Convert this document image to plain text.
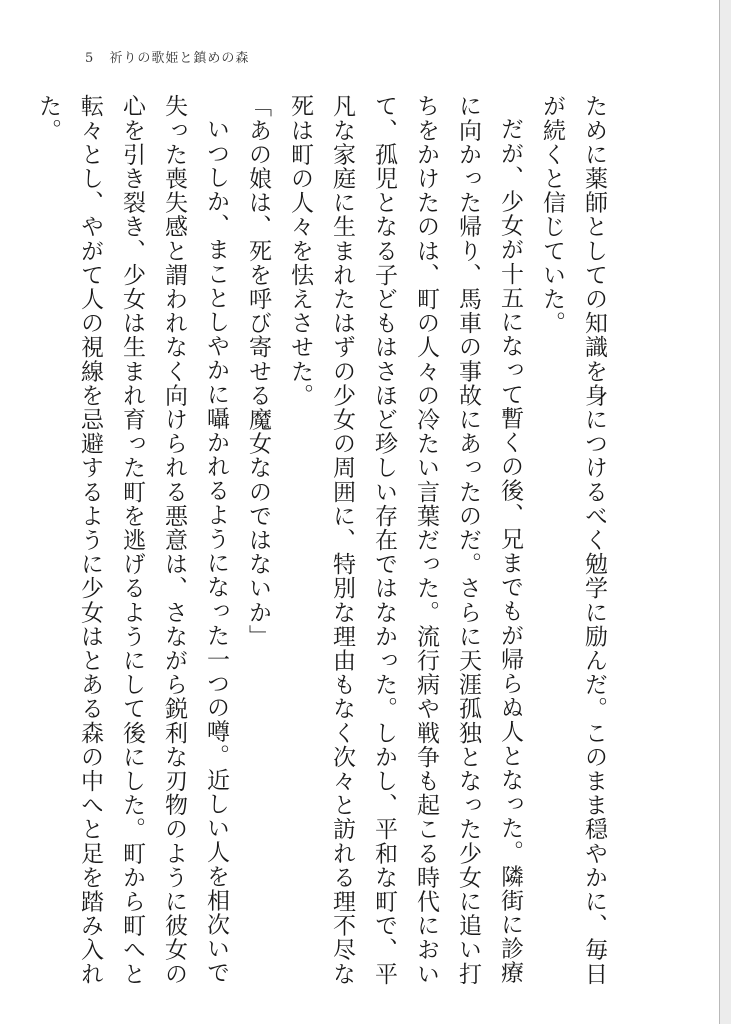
5 祈りの歌姫と鎮めの森

ために薬師としての知識を身につけるべく勉学に励んだ。このまま穏やかに、毎日が続くと信じていた。

だが、少女が十五になって暫くの後、兄までもが帰らぬ人となった。隣街に診療に向かった帰り、馬車の事故にあったのだ。さらに天涯孤独となった少女に追い打ちをかけたのは、町の人々の冷たい言葉だった。流行病や戦争も起こる時代において、孤児となる子どもはさほど珍しい存在ではなかった。しかし、平和な町で、平凡な家庭に生まれたはずの少女の周囲に、特別な理由もなく次々と訪れる理不尽な死は町の人々を怯えさせた。

「あの娘は、死を呼び寄せる魔女なのではないか」

いつしか、まことしやかに囁かれるようになった一つの噂。近しい人を相次いで失った喪失感と謂われなく向けられる悪意は、さながら鋭利な刃物のように彼女の心を引き裂き、少女は生まれ育った町を逃げるようにして後にした。町から町へと転々とし、やがて人の視線を忌避するように少女はとある森の中へと足を踏み入れた。
